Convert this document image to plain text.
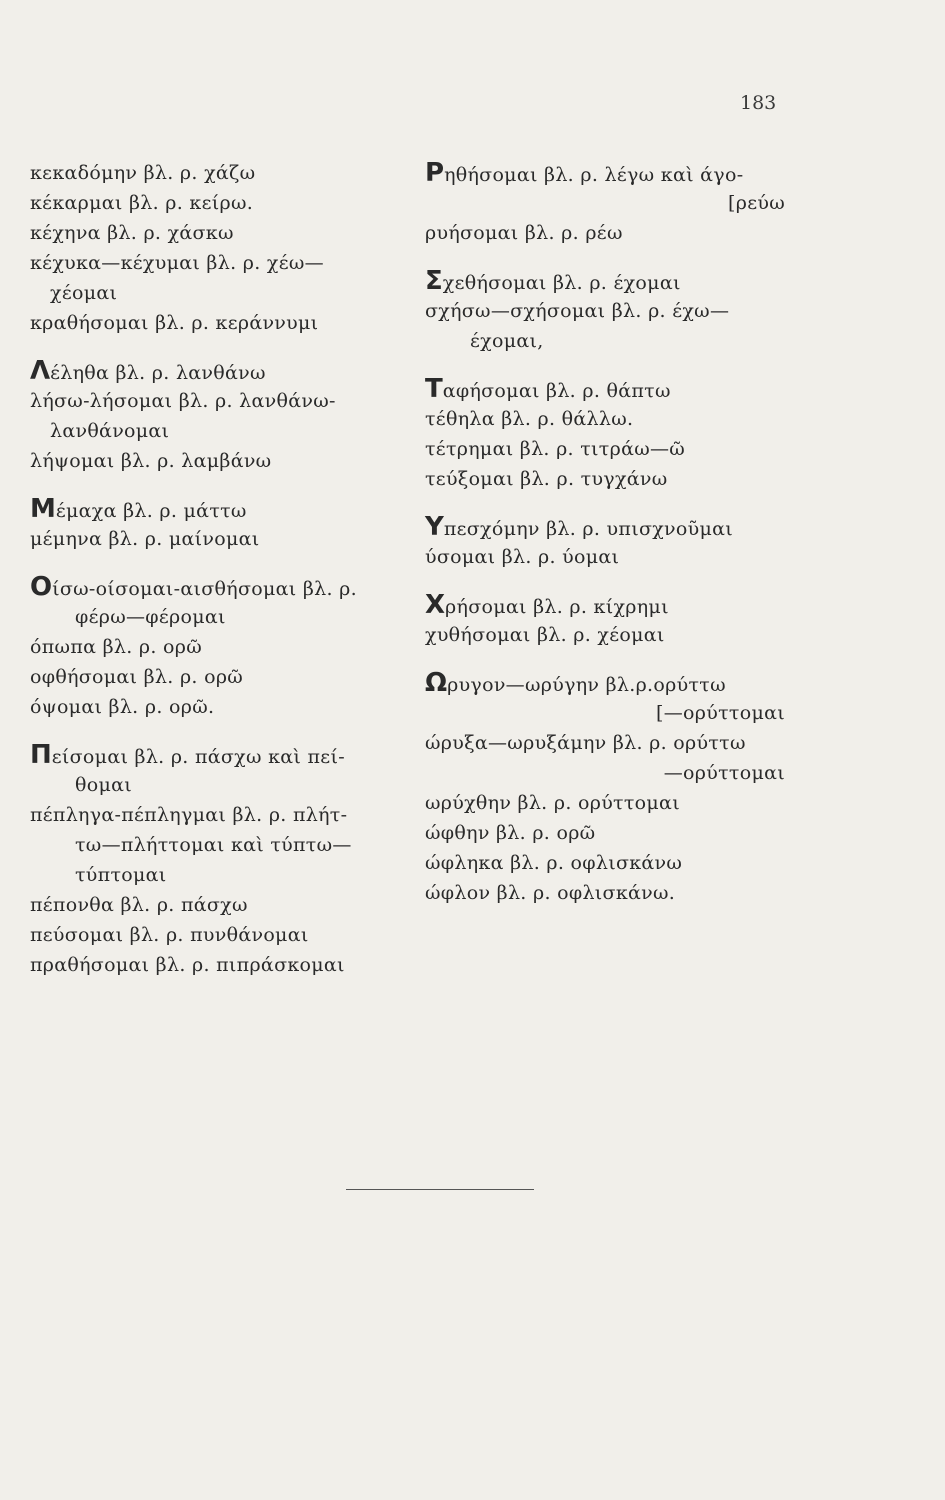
183
κεκαδόμην βλ. ρ. χάζω
κέκαρμαι βλ. ρ. κείρω.
κέχηνα βλ. ρ. χάσκω
κέχυκα—κέχυμαι βλ. ρ. χέω—
χέομαι
κραθήσομαι βλ. ρ. κεράννυμι
Λέληθα βλ. ρ. λανθάνω
λήσω-λήσομαι βλ. ρ. λανθάνω-
λανθάνομαι
λήψομαι βλ. ρ. λαμβάνω
Μέμαχα βλ. ρ. μάττω
μέμηνα βλ. ρ. μαίνομαι
Οίσω-οίσομαι-αισθήσομαι βλ. ρ.
φέρω—φέρομαι
όπωπα βλ. ρ. ορῶ
οφθήσομαι βλ. ρ. ορῶ
όψομαι βλ. ρ. ορῶ.
Πείσομαι βλ. ρ. πάσχω καὶ πεί-
θομαι
πέπληγα-πέπληγμαι βλ. ρ. πλήτ-
τω—πλήττομαι καὶ τύπτω—
τύπτομαι
πέπονθα βλ. ρ. πάσχω
πεύσομαι βλ. ρ. πυνθάνομαι
πραθήσομαι βλ. ρ. πιπράσκομαι
Ρηθήσομαι βλ. ρ. λέγω καὶ άγο-
[ρεύω
ρυήσομαι βλ. ρ. ρέω
Σχεθήσομαι βλ. ρ. έχομαι
σχήσω—σχήσομαι βλ. ρ. έχω—
έχομαι,
Ταφήσομαι βλ. ρ. θάπτω
τέθηλα βλ. ρ. θάλλω.
τέτρημαι βλ. ρ. τιτράω—ῶ
τεύξομαι βλ. ρ. τυγχάνω
Υπεσχόμην βλ. ρ. υπισχνοῦμαι
ύσομαι βλ. ρ. ύομαι
Χρήσομαι βλ. ρ. κίχρημι
χυθήσομαι βλ. ρ. χέομαι
Ωρυγον—ωρύγην βλ.ρ.ορύττω
[—ορύττομαι
ώρυξα—ωρυξάμην βλ. ρ. ορύττω
—ορύττομαι
ωρύχθην βλ. ρ. ορύττομαι
ώφθην βλ. ρ. ορῶ
ώφληκα βλ. ρ. οφλισκάνω
ώφλον βλ. ρ. οφλισκάνω.
